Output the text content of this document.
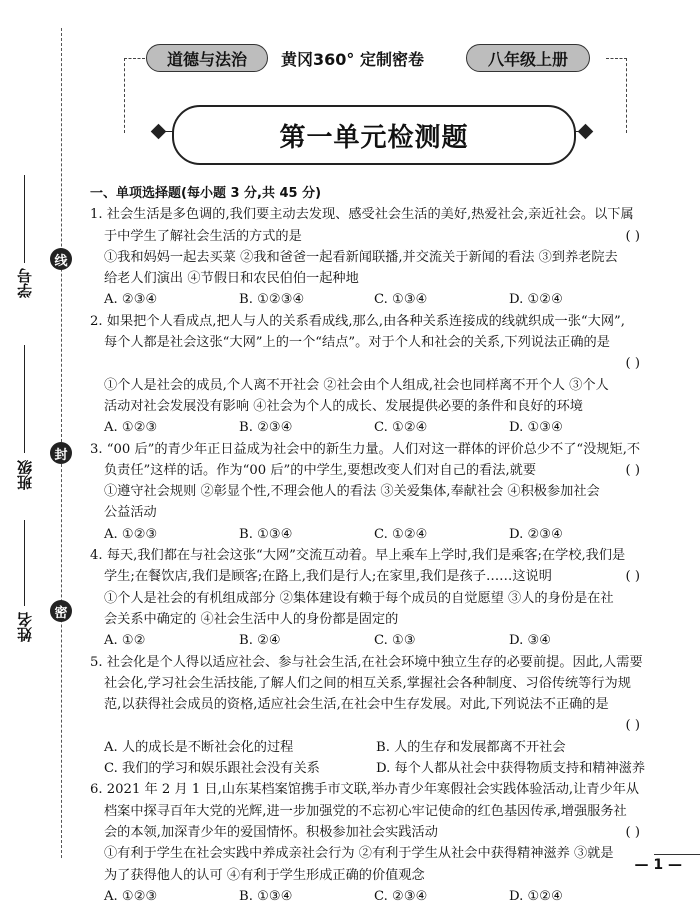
线
封
密
学号
班级
姓名
道德与法治	黄冈360° 定制密卷	八年级上册
第一单元检测题
一、单项选择题(每小题 3 分,共 45 分)
1. 社会生活是多色调的,我们要主动去发现、感受社会生活的美好,热爱社会,亲近社会。以下属
于中学生了解社会生活的方式的是	( )
①我和妈妈一起去买菜 ②我和爸爸一起看新闻联播,并交流关于新闻的看法 ③到养老院去
给老人们演出 ④节假日和农民伯伯一起种地
A. ②③④	B. ①②③④	C. ①③④	D. ①②④
2. 如果把个人看成点,把人与人的关系看成线,那么,由各种关系连接成的线就织成一张“大网”,
每个人都是社会这张“大网”上的一个“结点”。对于个人和社会的关系,下列说法正确的是

( )
①个人是社会的成员,个人离不开社会 ②社会由个人组成,社会也同样离不开个人 ③个人
活动对社会发展没有影响 ④社会为个人的成长、发展提供必要的条件和良好的环境
A. ①②③	B. ②③④	C. ①②④	D. ①③④
3. “00 后”的青少年正日益成为社会中的新生力量。人们对这一群体的评价总少不了“没规矩,不
负责任”这样的话。作为“00 后”的中学生,要想改变人们对自己的看法,就要	( )
①遵守社会规则 ②彰显个性,不理会他人的看法 ③关爱集体,奉献社会 ④积极参加社会
公益活动
A. ①②③	B. ①③④	C. ①②④	D. ②③④
4. 每天,我们都在与社会这张“大网”交流互动着。早上乘车上学时,我们是乘客;在学校,我们是
学生;在餐饮店,我们是顾客;在路上,我们是行人;在家里,我们是孩子……这说明	( )
①个人是社会的有机组成部分 ②集体建设有赖于每个成员的自觉愿望 ③人的身份是在社
会关系中确定的 ④社会生活中人的身份都是固定的
A. ①②	B. ②④	C. ①③	D. ③④
5. 社会化是个人得以适应社会、参与社会生活,在社会环境中独立生存的必要前提。因此,人需要
社会化,学习社会生活技能,了解人们之间的相互关系,掌握社会各种制度、习俗传统等行为规
范,以获得社会成员的资格,适应社会生活,在社会中生存发展。对此,下列说法不正确的是

( )
A. 人的成长是不断社会化的过程	B. 人的生存和发展都离不开社会
C. 我们的学习和娱乐跟社会没有关系	D. 每个人都从社会中获得物质支持和精神滋养
6. 2021 年 2 月 1 日,山东某档案馆携手市文联,举办青少年寒假社会实践体验活动,让青少年从
档案中探寻百年大党的光辉,进一步加强党的不忘初心牢记使命的红色基因传承,增强服务社
会的本领,加深青少年的爱国情怀。积极参加社会实践活动	( )
①有利于学生在社会实践中养成亲社会行为 ②有利于学生从社会中获得精神滋养 ③就是
为了获得他人的认可 ④有利于学生形成正确的价值观念
A. ①②③	B. ①③④	C. ②③④	D. ①②④
— 1 —
